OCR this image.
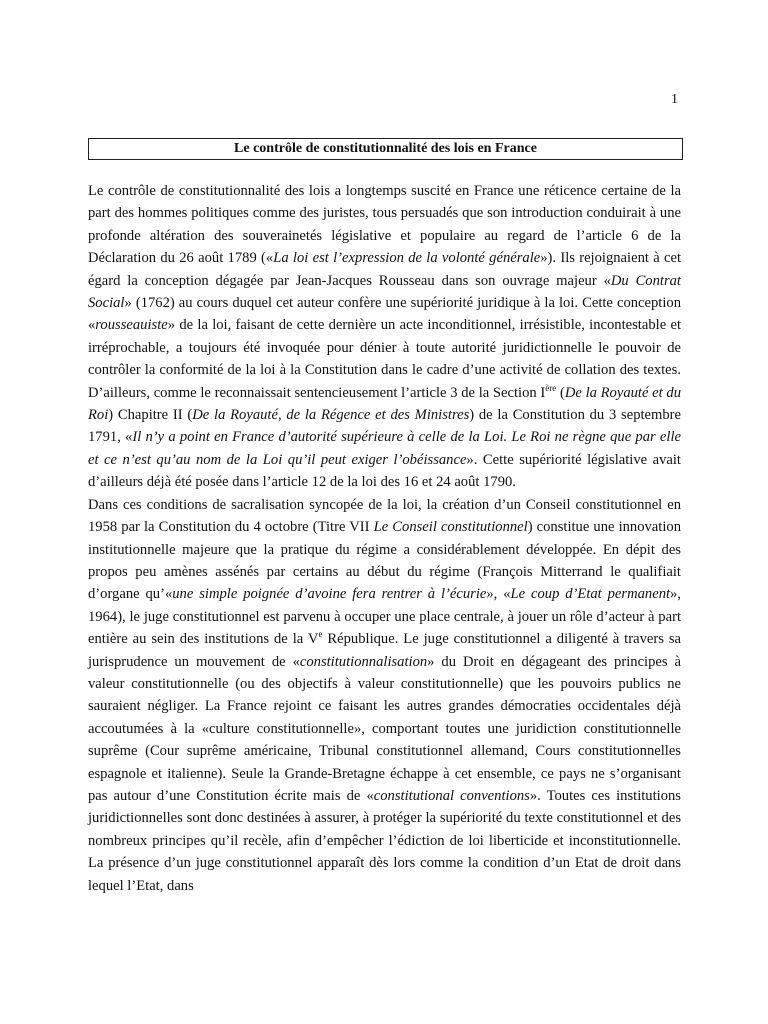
1
Le contrôle de constitutionnalité des lois en France

Le contrôle de constitutionnalité des lois a longtemps suscité en France une réticence certaine de la part des hommes politiques comme des juristes, tous persuadés que son introduction conduirait à une profonde altération des souverainetés législative et populaire au regard de l’article 6 de la Déclaration du 26 août 1789 («La loi est l’expression de la volonté générale»). Ils rejoignaient à cet égard la conception dégagée par Jean-Jacques Rousseau dans son ouvrage majeur «Du Contrat Social» (1762) au cours duquel cet auteur confère une supériorité juridique à la loi. Cette conception «rousseauiste» de la loi, faisant de cette dernière un acte inconditionnel, irrésistible, incontestable et irréprochable, a toujours été invoquée pour dénier à toute autorité juridictionnelle le pouvoir de contrôler la conformité de la loi à la Constitution dans le cadre d’une activité de collation des textes. D’ailleurs, comme le reconnaissait sentencieusement l’article 3 de la Section Ière (De la Royauté et du Roi) Chapitre II (De la Royauté, de la Régence et des Ministres) de la Constitution du 3 septembre 1791, «Il n’y a point en France d’autorité supérieure à celle de la Loi. Le Roi ne règne que par elle et ce n’est qu’au nom de la Loi qu’il peut exiger l’obéissance». Cette supériorité législative avait d’ailleurs déjà été posée dans l’article 12 de la loi des 16 et 24 août 1790.

Dans ces conditions de sacralisation syncopée de la loi, la création d’un Conseil constitutionnel en 1958 par la Constitution du 4 octobre (Titre VII Le Conseil constitutionnel) constitue une innovation institutionnelle majeure que la pratique du régime a considérablement développée. En dépit des propos peu amènes assénés par certains au début du régime (François Mitterrand le qualifiait d’organe qu’«une simple poignée d’avoine fera rentrer à l’écurie», «Le coup d’Etat permanent», 1964), le juge constitutionnel est parvenu à occuper une place centrale, à jouer un rôle d’acteur à part entière au sein des institutions de la Ve République. Le juge constitutionnel a diligenté à travers sa jurisprudence un mouvement de «constitutionnalisation» du Droit en dégageant des principes à valeur constitutionnelle (ou des objectifs à valeur constitutionnelle) que les pouvoirs publics ne sauraient négliger. La France rejoint ce faisant les autres grandes démocraties occidentales déjà accoutumées à la «culture constitutionnelle», comportant toutes une juridiction constitutionnelle suprême (Cour suprême américaine, Tribunal constitutionnel allemand, Cours constitutionnelles espagnole et italienne). Seule la Grande-Bretagne échappe à cet ensemble, ce pays ne s’organisant pas autour d’une Constitution écrite mais de «constitutional conventions». Toutes ces institutions juridictionnelles sont donc destinées à assurer, à protéger la supériorité du texte constitutionnel et des nombreux principes qu’il recèle, afin d’empêcher l’édiction de loi liberticide et inconstitutionnelle. La présence d’un juge constitutionnel apparaît dès lors comme la condition d’un Etat de droit dans lequel l’Etat, dans
